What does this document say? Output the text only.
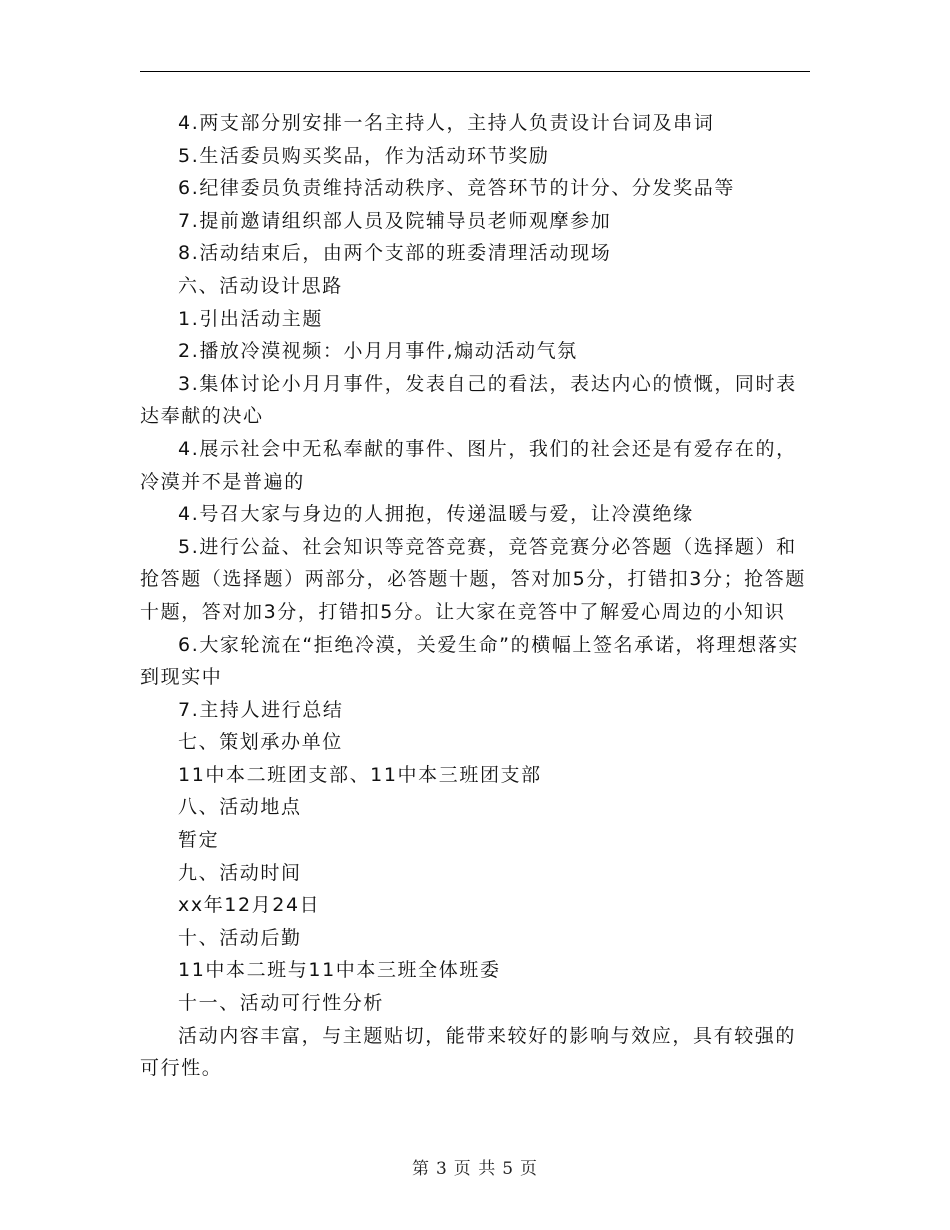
4.两支部分别安排一名主持人，主持人负责设计台词及串词

5.生活委员购买奖品，作为活动环节奖励

6.纪律委员负责维持活动秩序、竞答环节的计分、分发奖品等

7.提前邀请组织部人员及院辅导员老师观摩参加

8.活动结束后，由两个支部的班委清理活动现场

六、活动设计思路

1.引出活动主题

2.播放冷漠视频：小月月事件,煽动活动气氛

3.集体讨论小月月事件，发表自己的看法，表达内心的愤慨，同时表达奉献的决心

4.展示社会中无私奉献的事件、图片，我们的社会还是有爱存在的，冷漠并不是普遍的

4.号召大家与身边的人拥抱，传递温暖与爱，让冷漠绝缘

5.进行公益、社会知识等竞答竞赛，竞答竞赛分必答题（选择题）和抢答题（选择题）两部分，必答题十题，答对加5分，打错扣3分；抢答题十题，答对加3分，打错扣5分。让大家在竞答中了解爱心周边的小知识

6.大家轮流在“拒绝冷漠，关爱生命”的横幅上签名承诺，将理想落实到现实中

7.主持人进行总结

七、策划承办单位

11中本二班团支部、11中本三班团支部

八、活动地点

暂定

九、活动时间

xx年12月24日

十、活动后勤

11中本二班与11中本三班全体班委

十一、活动可行性分析

活动内容丰富，与主题贴切，能带来较好的影响与效应，具有较强的可行性。

第 3 页 共 5 页
